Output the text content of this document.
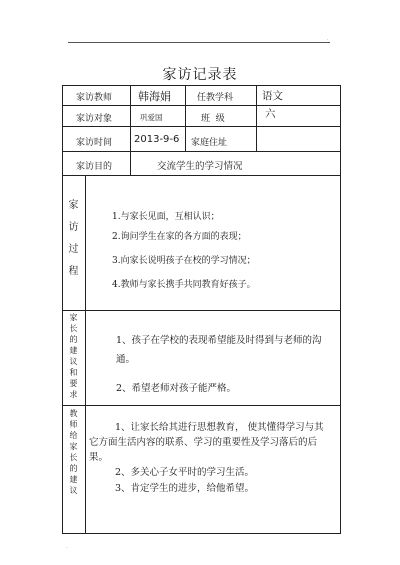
.
家访记录表
家访教师 韩海娟	任教学科	语文
家访对象	巩爱国	班  级	六
家访时间 2013-9-6 家庭住址
家访目的	交流学生的学习情况
家
访
过
程
1.与家长见面，互相认识；
2.询问学生在家的各方面的表现；
3.向家长说明孩子在校的学习情况；
4.教师与家长携手共同教育好孩子。
家
长
的
建
议
和
要
求
1、孩子在学校的表现希望能及时得到与老师的沟通。
2、希望老师对孩子能严格。
教
师
给
家
长
的
建
议
1、让家长给其进行思想教育， 使其懂得学习与其它方面生活内容的联系、学习的重要性及学习落后的后果。
2、多关心子女平时的学习生活。
3、肯定学生的进步，给他希望。
.
